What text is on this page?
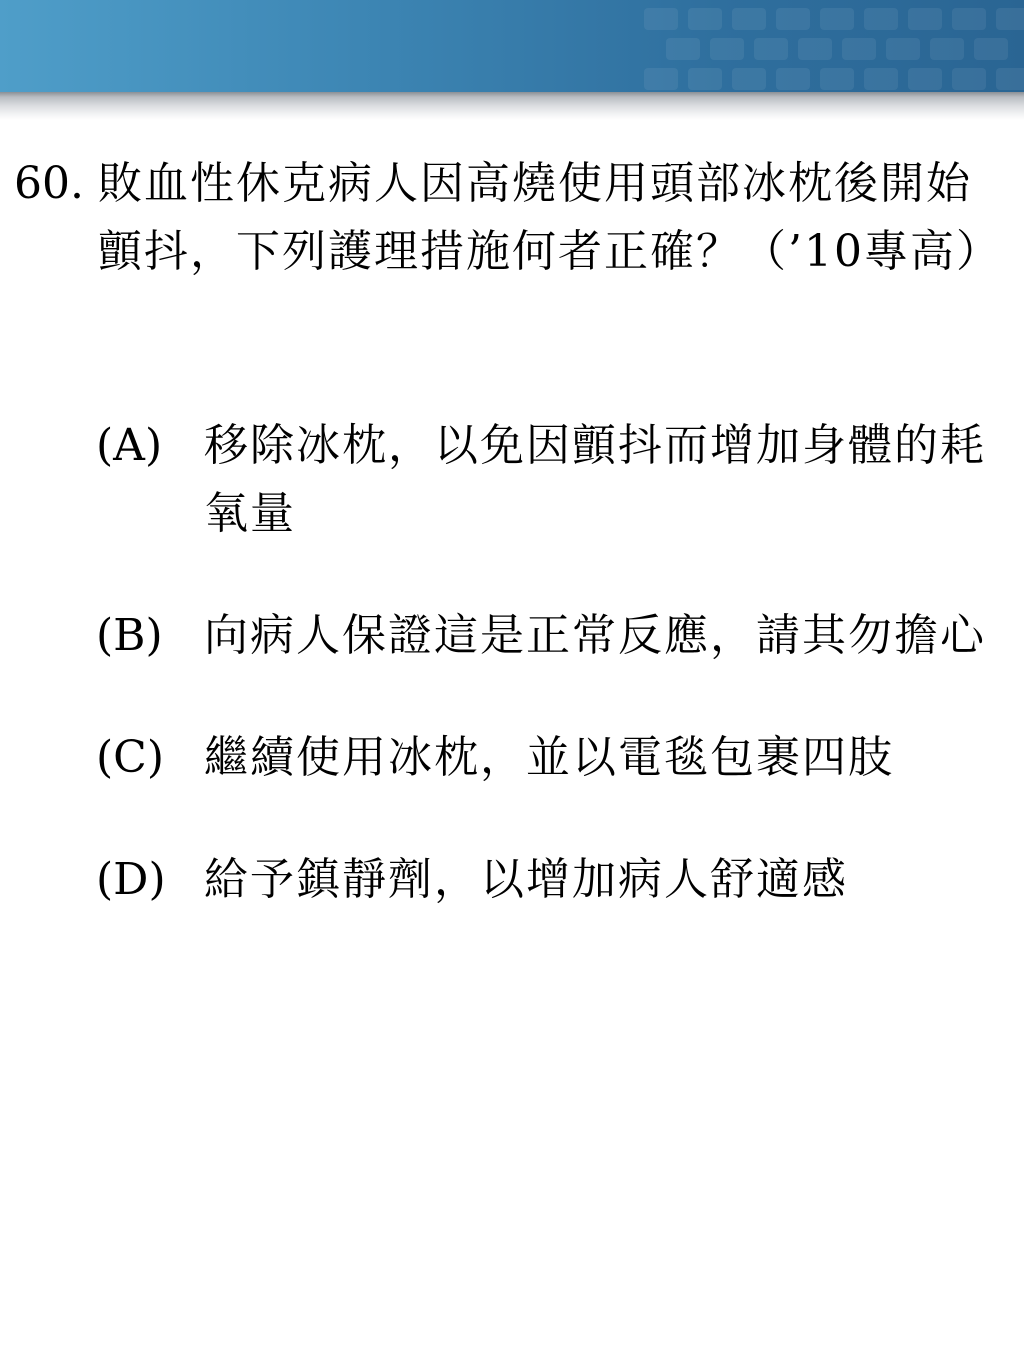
60. 敗血性休克病人因高燒使用頭部冰枕後開始顫抖，下列護理措施何者正確？（’10專高）
(A) 移除冰枕，以免因顫抖而增加身體的耗氧量
(B) 向病人保證這是正常反應，請其勿擔心
(C) 繼續使用冰枕，並以電毯包裹四肢
(D) 給予鎮靜劑，以增加病人舒適感
